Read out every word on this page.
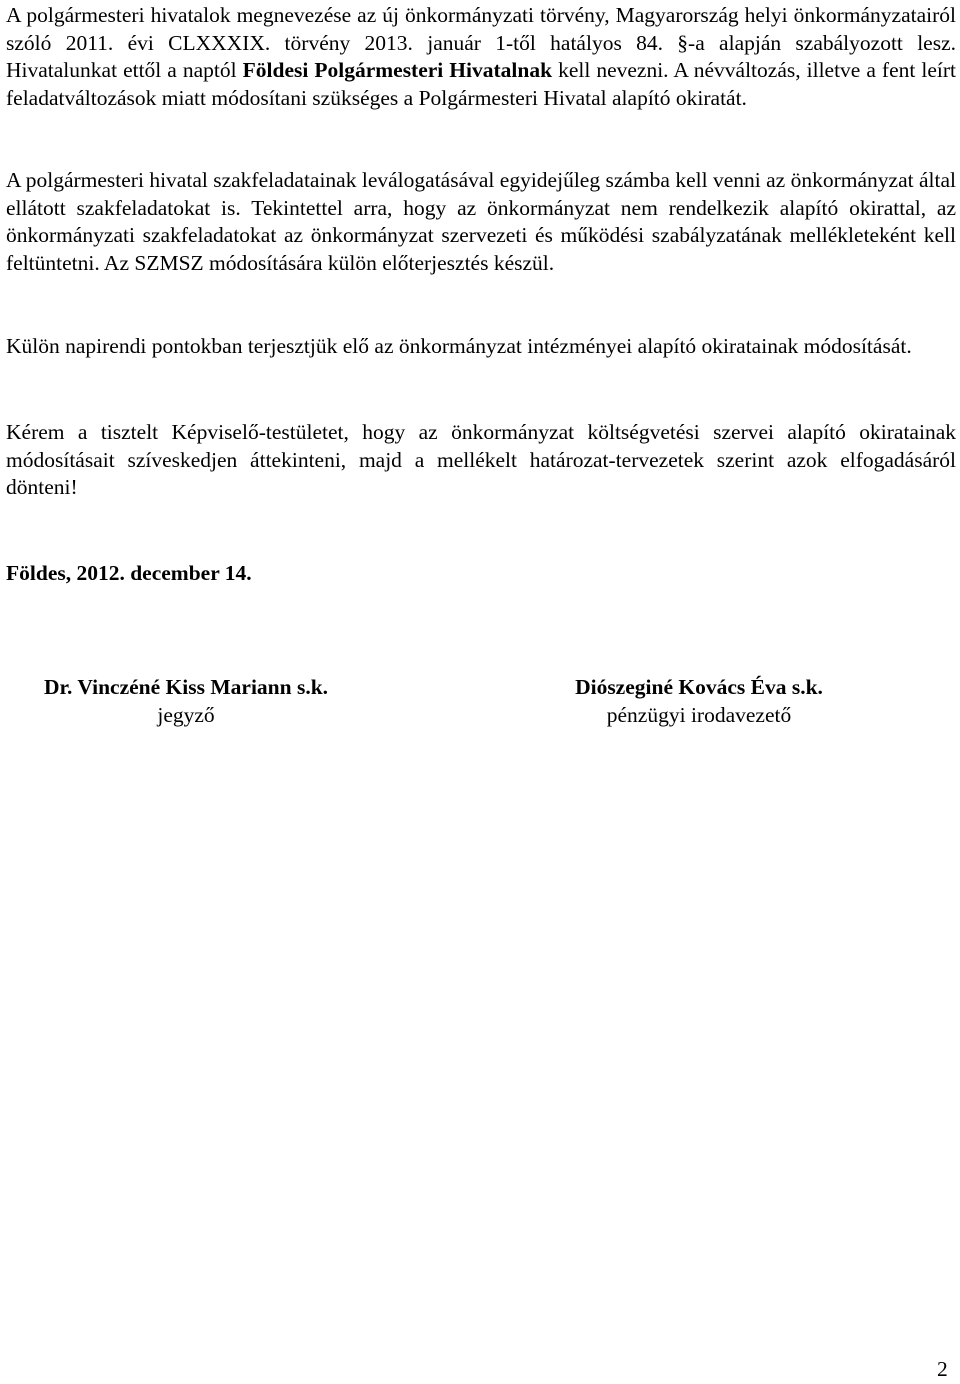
A polgármesteri hivatalok megnevezése az új önkormányzati törvény, Magyarország helyi önkormányzatairól szóló 2011. évi CLXXXIX. törvény 2013. január 1-től hatályos 84. §-a alapján szabályozott lesz. Hivatalunkat ettől a naptól Földesi Polgármesteri Hivatalnak kell nevezni. A névváltozás, illetve a fent leírt feladatváltozások miatt módosítani szükséges a Polgármesteri Hivatal alapító okiratát.

A polgármesteri hivatal szakfeladatainak leválogatásával egyidejűleg számba kell venni az önkormányzat által ellátott szakfeladatokat is. Tekintettel arra, hogy az önkormányzat nem rendelkezik alapító okirattal, az önkormányzati szakfeladatokat az önkormányzat szervezeti és működési szabályzatának mellékleteként kell feltüntetni. Az SZMSZ módosítására külön előterjesztés készül.

Külön napirendi pontokban terjesztjük elő az önkormányzat intézményei alapító okiratainak módosítását.

Kérem a tisztelt Képviselő-testületet, hogy az önkormányzat költségvetési szervei alapító okiratainak módosításait szíveskedjen áttekinteni, majd a mellékelt határozat-tervezetek szerint azok elfogadásáról dönteni!

Földes, 2012. december 14.

Dr. Vinczéné Kiss Mariann s.k.
jegyző
Diószeginé Kovács Éva s.k.
pénzügyi irodavezető
2
